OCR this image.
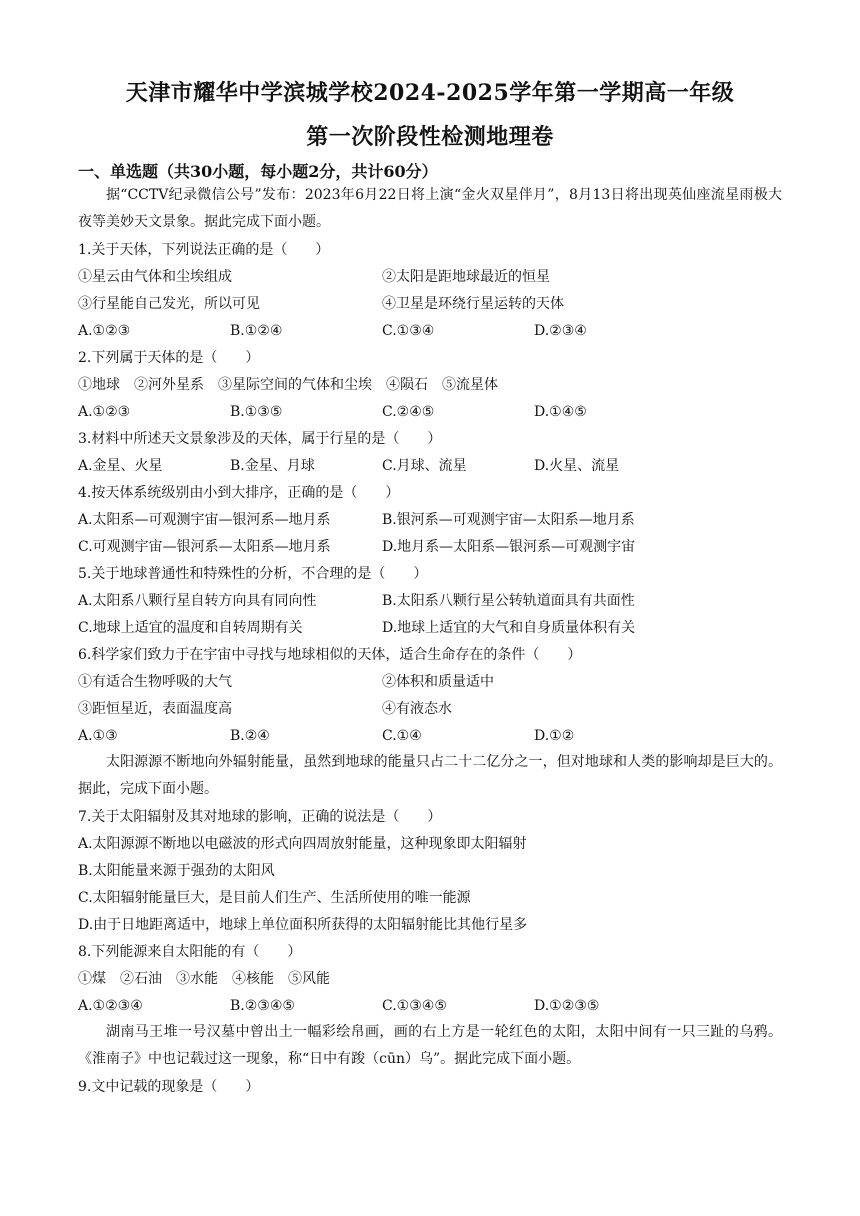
天津市耀华中学滨城学校2024-2025学年第一学期高一年级
第一次阶段性检测地理卷
一、单选题（共30小题，每小题2分，共计60分）
据“CCTV纪录微信公号”发布：2023年6月22日将上演“金火双星伴月”，8月13日将出现英仙座流星雨极大夜等美妙天文景象。据此完成下面小题。
1.关于天体，下列说法正确的是（　　）
①星云由气体和尘埃组成	②太阳是距地球最近的恒星
③行星能自己发光，所以可见	④卫星是环绕行星运转的天体
A.①②③	B.①②④	C.①③④	D.②③④
2.下列属于天体的是（　　）
①地球　②河外星系　③星际空间的气体和尘埃　④陨石　⑤流星体
A.①②③	B.①③⑤	C.②④⑤	D.①④⑤
3.材料中所述天文景象涉及的天体，属于行星的是（　　）
A.金星、火星	B.金星、月球	C.月球、流星	D.火星、流星
4.按天体系统级别由小到大排序，正确的是（　　）
A.太阳系—可观测宇宙—银河系—地月系	B.银河系—可观测宇宙—太阳系—地月系
C.可观测宇宙—银河系—太阳系—地月系	D.地月系—太阳系—银河系—可观测宇宙
5.关于地球普通性和特殊性的分析，不合理的是（　　）
A.太阳系八颗行星自转方向具有同向性	B.太阳系八颗行星公转轨道面具有共面性
C.地球上适宜的温度和自转周期有关	D.地球上适宜的大气和自身质量体积有关
6.科学家们致力于在宇宙中寻找与地球相似的天体，适合生命存在的条件（　　）
①有适合生物呼吸的大气	②体积和质量适中
③距恒星近，表面温度高	④有液态水
A.①③	B.②④	C.①④	D.①②
太阳源源不断地向外辐射能量，虽然到地球的能量只占二十二亿分之一，但对地球和人类的影响却是巨大的。据此，完成下面小题。
7.关于太阳辐射及其对地球的影响，正确的说法是（　　）
A.太阳源源不断地以电磁波的形式向四周放射能量，这种现象即太阳辐射
B.太阳能量来源于强劲的太阳风
C.太阳辐射能量巨大，是目前人们生产、生活所使用的唯一能源
D.由于日地距离适中，地球上单位面积所获得的太阳辐射能比其他行星多
8.下列能源来自太阳能的有（　　）
①煤　②石油　③水能　④核能　⑤风能
A.①②③④	B.②③④⑤	C.①③④⑤	D.①②③⑤
湖南马王堆一号汉墓中曾出土一幅彩绘帛画，画的右上方是一轮红色的太阳，太阳中间有一只三趾的乌鸦。《淮南子》中也记载过这一现象，称“日中有踆（cūn）乌”。据此完成下面小题。
9.文中记载的现象是（　　）
